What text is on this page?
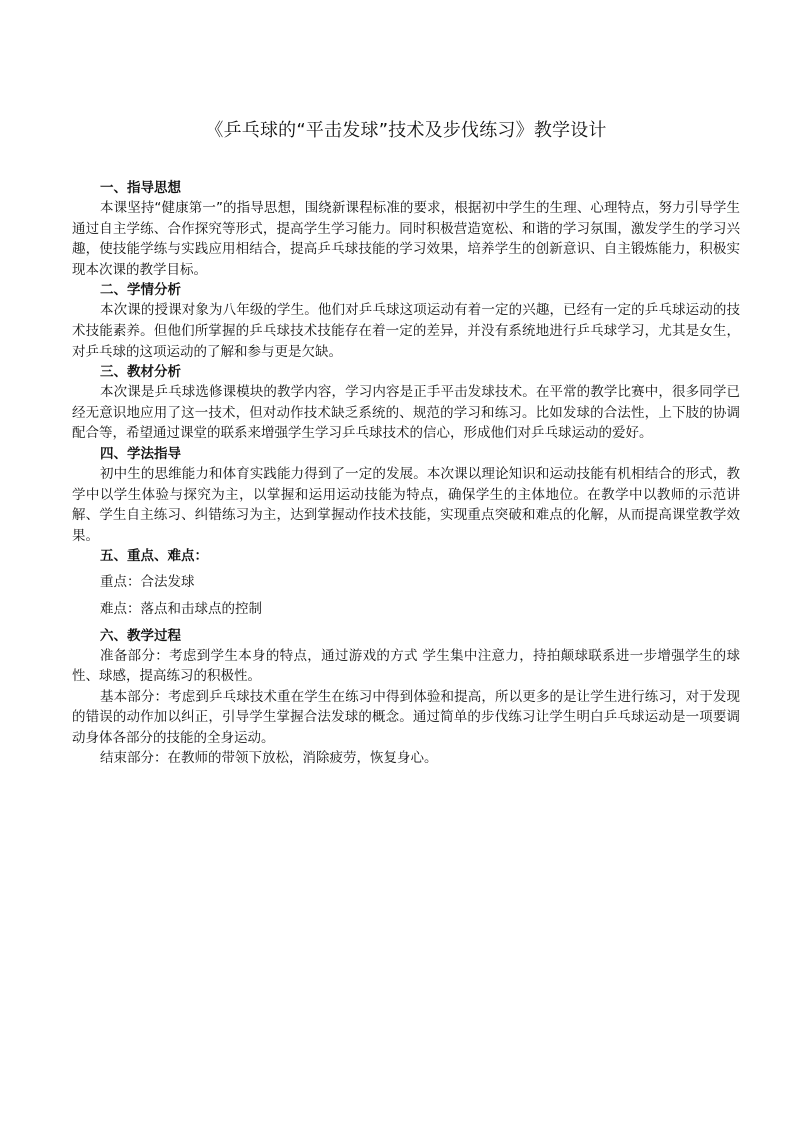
《乒乓球的“平击发球”技术及步伐练习》教学设计

一、指导思想

本课坚持“健康第一”的指导思想，围绕新课程标准的要求，根据初中学生的生理、心理特点，努力引导学生通过自主学练、合作探究等形式，提高学生学习能力。同时积极营造宽松、和谐的学习氛围，激发学生的学习兴趣，使技能学练与实践应用相结合，提高乒乓球技能的学习效果，培养学生的创新意识、自主锻炼能力，积极实现本次课的教学目标。

二、学情分析

本次课的授课对象为八年级的学生。他们对乒乓球这项运动有着一定的兴趣，已经有一定的乒乓球运动的技术技能素养。但他们所掌握的乒乓球技术技能存在着一定的差异，并没有系统地进行乒乓球学习，尤其是女生，对乒乓球的这项运动的了解和参与更是欠缺。

三、教材分析

本次课是乒乓球选修课模块的教学内容，学习内容是正手平击发球技术。在平常的教学比赛中，很多同学已经无意识地应用了这一技术，但对动作技术缺乏系统的、规范的学习和练习。比如发球的合法性，上下肢的协调配合等，希望通过课堂的联系来增强学生学习乒乓球技术的信心，形成他们对乒乓球运动的爱好。

四、学法指导

初中生的思维能力和体育实践能力得到了一定的发展。本次课以理论知识和运动技能有机相结合的形式，教学中以学生体验与探究为主，以掌握和运用运动技能为特点，确保学生的主体地位。在教学中以教师的示范讲解、学生自主练习、纠错练习为主，达到掌握动作技术技能，实现重点突破和难点的化解，从而提高课堂教学效果。

五、重点、难点：

重点：合法发球

难点：落点和击球点的控制

六、教学过程

准备部分：考虑到学生本身的特点，通过游戏的方式 学生集中注意力，持拍颠球联系进一步增强学生的球性、球感，提高练习的积极性。

基本部分：考虑到乒乓球技术重在学生在练习中得到体验和提高，所以更多的是让学生进行练习，对于发现的错误的动作加以纠正，引导学生掌握合法发球的概念。通过简单的步伐练习让学生明白乒乓球运动是一项要调动身体各部分的技能的全身运动。

结束部分：在教师的带领下放松，消除疲劳，恢复身心。
